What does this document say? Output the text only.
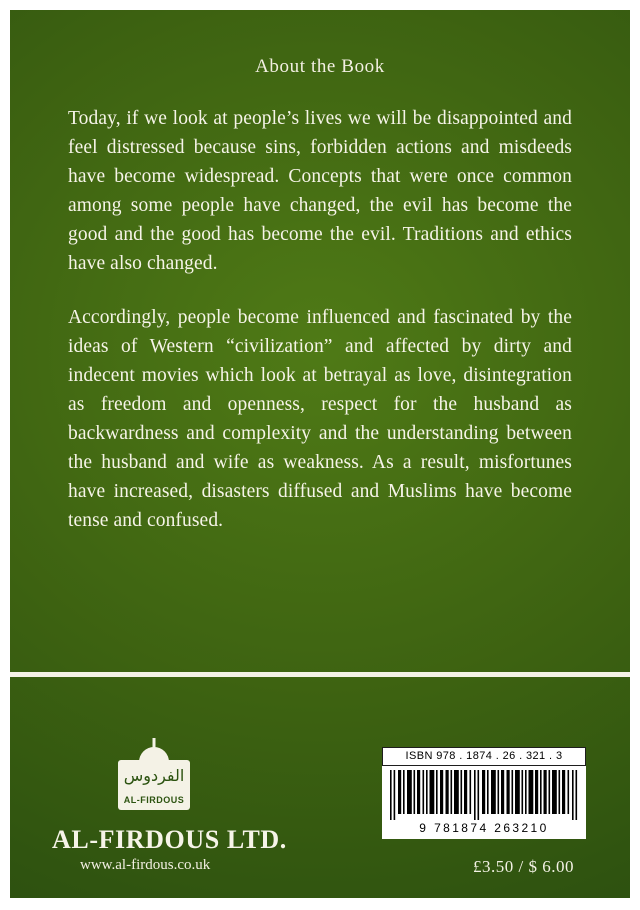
About the Book

Today, if we look at people’s lives we will be disappointed and feel distressed because sins, forbidden actions and misdeeds have become widespread. Concepts that were once common among some people have changed, the evil has become the good and the good has become the evil. Traditions and ethics have also changed.

Accordingly, people become influenced and fascinated by the ideas of Western “civilization” and affected by dirty and indecent movies which look at betrayal as love, disintegration as freedom and openness, respect for the husband as backwardness and complexity and the understanding between the husband and wife as weakness. As a result, misfortunes have increased, disasters diffused and Muslims have become tense and confused.

الفردوس
AL-FIRDOUS
AL-FIRDOUS LTD.
www.al-firdous.co.uk
ISBN 978 . 1874 . 26 . 321 . 3
9 781874 263210
£3.50 / $ 6.00
